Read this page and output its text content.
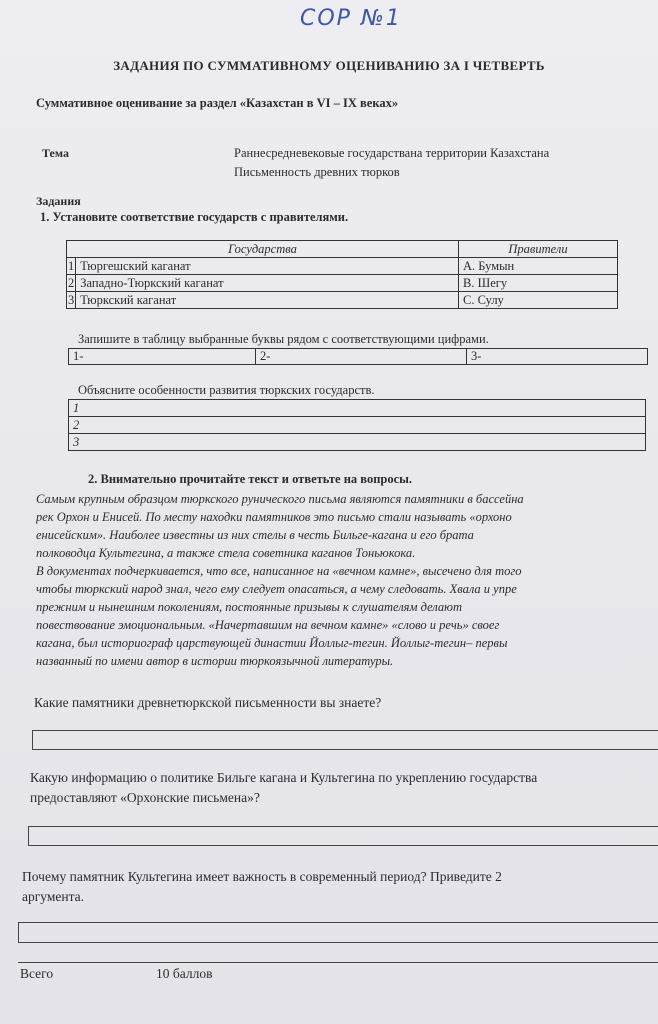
СОР №1
ЗАДАНИЯ ПО СУММАТИВНОМУ ОЦЕНИВАНИЮ ЗА I ЧЕТВЕРТЬ
Суммативное оценивание за раздел «Казахстан в VI – IX веках»
Тема	Раннесредневековые государствана территории Казахстана
Письменность древних тюрков
Задания
1. Установите соответствие государств с правителями.
Государства		Правители
1	Тюргешский каганат	А. Бумын
2	Западно-Тюркский каганат	В. Шегу
3	Тюркский каганат	С. Сулу
Запишите в таблицу выбранные буквы рядом с соответствующими цифрами.
1-	2-	3-
Объясните особенности развития тюркских государств.
1
2
3
2. Внимательно прочитайте текст и ответьте на вопросы.
Самым крупным образцом тюркского рунического письма являются памятники в бассейна
рек Орхон и Енисей. По месту находки памятников это письмо стали называть «орхоно
енисейским». Наиболее известны из них стелы в честь Бильге-кагана и его брата
полководца Культегина, а также стела советника каганов Тоньюкока.
В документах подчеркивается, что все, написанное на «вечном камне», высечено для того
чтобы тюркский народ знал, чего ему следует опасаться, а чему следовать. Хвала и упре
прежним и нынешним поколениям, постоянные призывы к слушателям делают
повествование эмоциональным. «Начертавшим на вечном камне» «слово и речь» своег
кагана, был историограф царствующей династии Йоллыг-тегин. Йоллыг-тегин– первы
названный по имени автор в истории тюркоязычной литературы.
Какие памятники древнетюркской письменности вы знаете?
Какую информацию о политике Бильге кагана и Культегина по укреплению государства
предоставляют «Орхонские письмена»?
Почему памятник Культегина имеет важность в современный период? Приведите 2
аргумента.
Всего	10 баллов
